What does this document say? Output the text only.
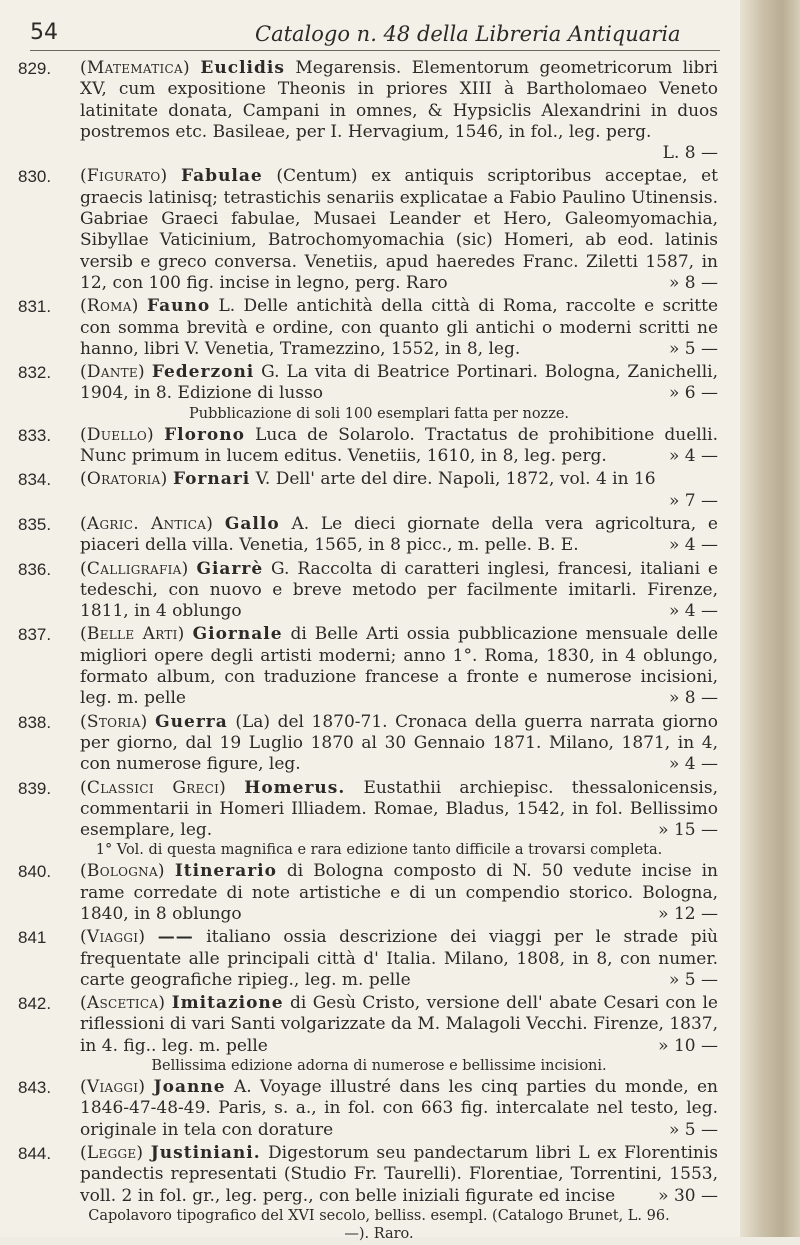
54	Catalogo n. 48 della Libreria Antiquaria
829.	(Matematica) Euclidis Megarensis. Elementorum geometricorum libri XV, cum expositione Theonis in priores XIII à Bartholomaeo Veneto latinitate donata, Campani in omnes, & Hypsiclis Alexandrini in duos postremos etc. Basileae, per I. Hervagium, 1546, in fol., leg. perg.
L. 8 —
830.	(Figurato) Fabulae (Centum) ex antiquis scriptoribus acceptae, et graecis latinisq; tetrastichis senariis explicatae a Fabio Paulino Utinensis. Gabriae Graeci fabulae, Musaei Leander et Hero, Galeomyomachia, Sibyllae Vaticinium, Batrochomyomachia (sic) Homeri, ab eod. latinis versib e greco conversa. Venetiis, apud haeredes Franc. Ziletti 1587, in 12, con 100 fig. incise in legno, perg. Raro	» 8 —
831.	(Roma) Fauno L. Delle antichità della città di Roma, raccolte e scritte con somma brevità e ordine, con quanto gli antichi o moderni scritti ne hanno, libri V. Venetia, Tramezzino, 1552, in 8, leg.	» 5 —
832.	(Dante) Federzoni G. La vita di Beatrice Portinari. Bologna, Zanichelli, 1904, in 8. Edizione di lusso	» 6 —
Pubblicazione di soli 100 esemplari fatta per nozze.
833.	(Duello) Florono Luca de Solarolo. Tractatus de prohibitione duelli. Nunc primum in lucem editus. Venetiis, 1610, in 8, leg. perg.	» 4 —
834.	(Oratoria) Fornari V. Dell' arte del dire. Napoli, 1872, vol. 4 in 16
» 7 —
835.	(Agric. Antica) Gallo A. Le dieci giornate della vera agricoltura, e piaceri della villa. Venetia, 1565, in 8 picc., m. pelle. B. E.	» 4 —
836.	(Calligrafia) Giarrè G. Raccolta di caratteri inglesi, francesi, italiani e tedeschi, con nuovo e breve metodo per facilmente imitarli. Firenze, 1811, in 4 oblungo	» 4 —
837.	(Belle Arti) Giornale di Belle Arti ossia pubblicazione mensuale delle migliori opere degli artisti moderni; anno 1°. Roma, 1830, in 4 oblungo, formato album, con traduzione francese a fronte e numerose incisioni, leg. m. pelle	» 8 —
838.	(Storia) Guerra (La) del 1870-71. Cronaca della guerra narrata giorno per giorno, dal 19 Luglio 1870 al 30 Gennaio 1871. Milano, 1871, in 4, con numerose figure, leg.	» 4 —
839.	(Classici Greci) Homerus. Eustathii archiepisc. thessalonicensis, commentarii in Homeri Illiadem. Romae, Bladus, 1542, in fol. Bellissimo esemplare, leg.	» 15 —
1° Vol. di questa magnifica e rara edizione tanto difficile a trovarsi completa.
840.	(Bologna) Itinerario di Bologna composto di N. 50 vedute incise in rame corredate di note artistiche e di un compendio storico. Bologna, 1840, in 8 oblungo	» 12 —
841	(Viaggi) —— italiano ossia descrizione dei viaggi per le strade più frequentate alle principali città d' Italia. Milano, 1808, in 8, con numer. carte geografiche ripieg., leg. m. pelle	» 5 —
842.	(Ascetica) Imitazione di Gesù Cristo, versione dell' abate Cesari con le riflessioni di vari Santi volgarizzate da M. Malagoli Vecchi. Firenze, 1837, in 4. fig.. leg. m. pelle	» 10 —
Bellissima edizione adorna di numerose e bellissime incisioni.
843.	(Viaggi) Joanne A. Voyage illustré dans les cinq parties du monde, en 1846-47-48-49. Paris, s. a., in fol. con 663 fig. intercalate nel testo, leg. originale in tela con dorature	» 5 —
844.	(Legge) Justiniani. Digestorum seu pandectarum libri L ex Florentinis pandectis representati (Studio Fr. Taurelli). Florentiae, Torrentini, 1553, voll. 2 in fol. gr., leg. perg., con belle iniziali figurate ed incise	» 30 —
Capolavoro tipografico del XVI secolo, belliss. esempl. (Catalogo Brunet, L. 96.—). Raro.
